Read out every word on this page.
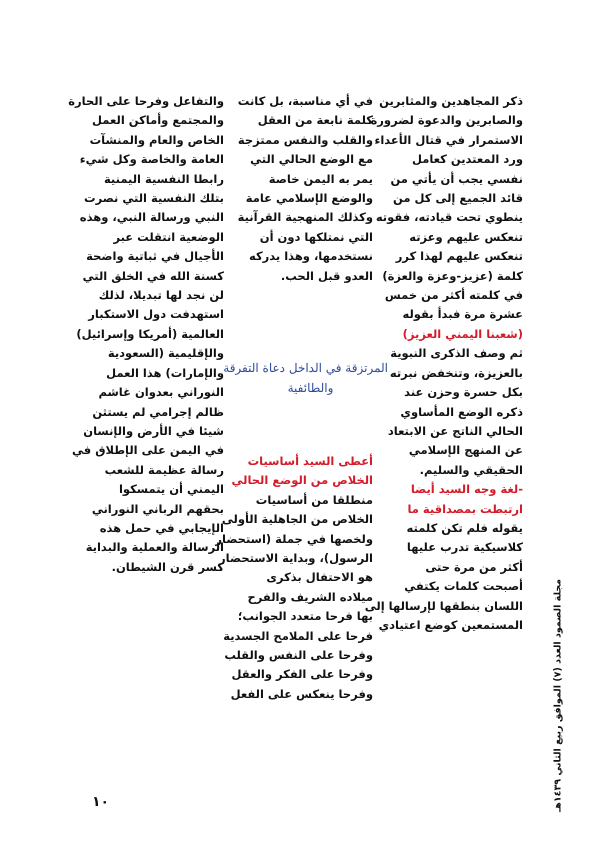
ذكر المجاهدين والمثابرين
والصابرين والدعوة لضرورة
الاستمرار في قتال الأعداء
ورد المعتدين كعامل
نفسي يجب أن يأتي من
قائد الجميع إلى كل من
ينطوي تحت قيادته، فقوته
تنعكس عليهم وعزته
تنعكس عليهم لهذا كرر
كلمة (عزيز-وعزة والعزة)
في كلمته أكثر من خمس
عشرة مرة فبدأ بقوله
(شعبنا اليمني العزيز)
ثم وصف الذكرى النبوية
بالعزيزة، وتنخفض نبرته
بكل حسرة وحزن عند
ذكره الوضع المأساوي
الحالي الناتج عن الابتعاد
عن المنهج الإسلامي
الحقيقي والسليم.
-لغة وجه السيد أيضا
ارتبطت بمصداقية ما
يقوله فلم تكن كلمته
كلاسيكية تدرب عليها
أكثر من مرة حتى
أصبحت كلمات يكتفي
اللسان بنطقها لإرسالها إلى
المستمعين كوضع اعتيادي
في أي مناسبة، بل كانت
كلمة نابعة من العقل
والقلب والنفس ممتزجة
مع الوضع الحالي التي
يمر به اليمن خاصة
والوضع الإسلامي عامة
وكذلك المنهجية القرآنية
التي نمتلكها دون أن
نستخدمها، وهذا يدركه
العدو قبل الحب.
المرتزقة في الداخل دعاة التفرقة
والطائفية
أعطى السيد أساسيات
الخلاص من الوضع الحالي
منطلقا من أساسيات
الخلاص من الجاهلية الأولى
ولخصها في جملة (استحضار
الرسول)، وبداية الاستحضار
هو الاحتفال بذكرى
ميلاده الشريف والفرح
بها فرحا متعدد الجوانب؛
فرحا على الملامح الجسدية
وفرحا على النفس والقلب
وفرحا على الفكر والعقل
وفرحا ينعكس على الفعل
والتفاعل وفرحا على الحارة
والمجتمع وأماكن العمل
الخاص والعام والمنشآت
العامة والخاصة وكل شيء
رابطا النفسية اليمنية
بتلك النفسية التي نصرت
النبي ورسالة النبي، وهذه
الوضعية انتقلت عبر
الأجيال في ثباتية واضحة
كسنة الله في الخلق التي
لن نجد لها تبديلا، لذلك
استهدفت دول الاستكبار
العالمية (أمريكا وإسرائيل)
والإقليمية (السعودية
والإمارات) هذا العمل
النوراني بعدوان غاشم
ظالم إجرامي لم يستثن
شيئا في الأرض والإنسان
في اليمن على الإطلاق في
رسالة عظيمة للشعب
اليمني أن يتمسكوا
بحقهم الرباني النوراني
الإيجابي في حمل هذه
الرسالة والعملية والبداية
كسر قرن الشيطان.
مجلة الصمود العدد (٧) الموافق ربيع الثاني ١٤٣٩هـ
١٠
